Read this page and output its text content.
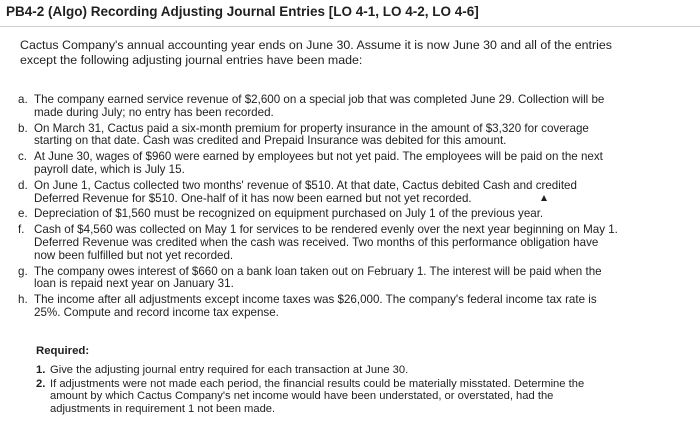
PB4-2 (Algo) Recording Adjusting Journal Entries [LO 4-1, LO 4-2, LO 4-6]
Cactus Company's annual accounting year ends on June 30. Assume it is now June 30 and all of the entries except the following adjusting journal entries have been made:
a. The company earned service revenue of $2,600 on a special job that was completed June 29. Collection will be made during July; no entry has been recorded.
b. On March 31, Cactus paid a six-month premium for property insurance in the amount of $3,320 for coverage starting on that date. Cash was credited and Prepaid Insurance was debited for this amount.
c. At June 30, wages of $960 were earned by employees but not yet paid. The employees will be paid on the next payroll date, which is July 15.
d. On June 1, Cactus collected two months' revenue of $510. At that date, Cactus debited Cash and credited Deferred Revenue for $510. One-half of it has now been earned but not yet recorded.
e. Depreciation of $1,560 must be recognized on equipment purchased on July 1 of the previous year.
f. Cash of $4,560 was collected on May 1 for services to be rendered evenly over the next year beginning on May 1. Deferred Revenue was credited when the cash was received. Two months of this performance obligation have now been fulfilled but not yet recorded.
g. The company owes interest of $660 on a bank loan taken out on February 1. The interest will be paid when the loan is repaid next year on January 31.
h. The income after all adjustments except income taxes was $26,000. The company's federal income tax rate is 25%. Compute and record income tax expense.
Required:
1. Give the adjusting journal entry required for each transaction at June 30.
2. If adjustments were not made each period, the financial results could be materially misstated. Determine the amount by which Cactus Company's net income would have been understated, or overstated, had the adjustments in requirement 1 not been made.
